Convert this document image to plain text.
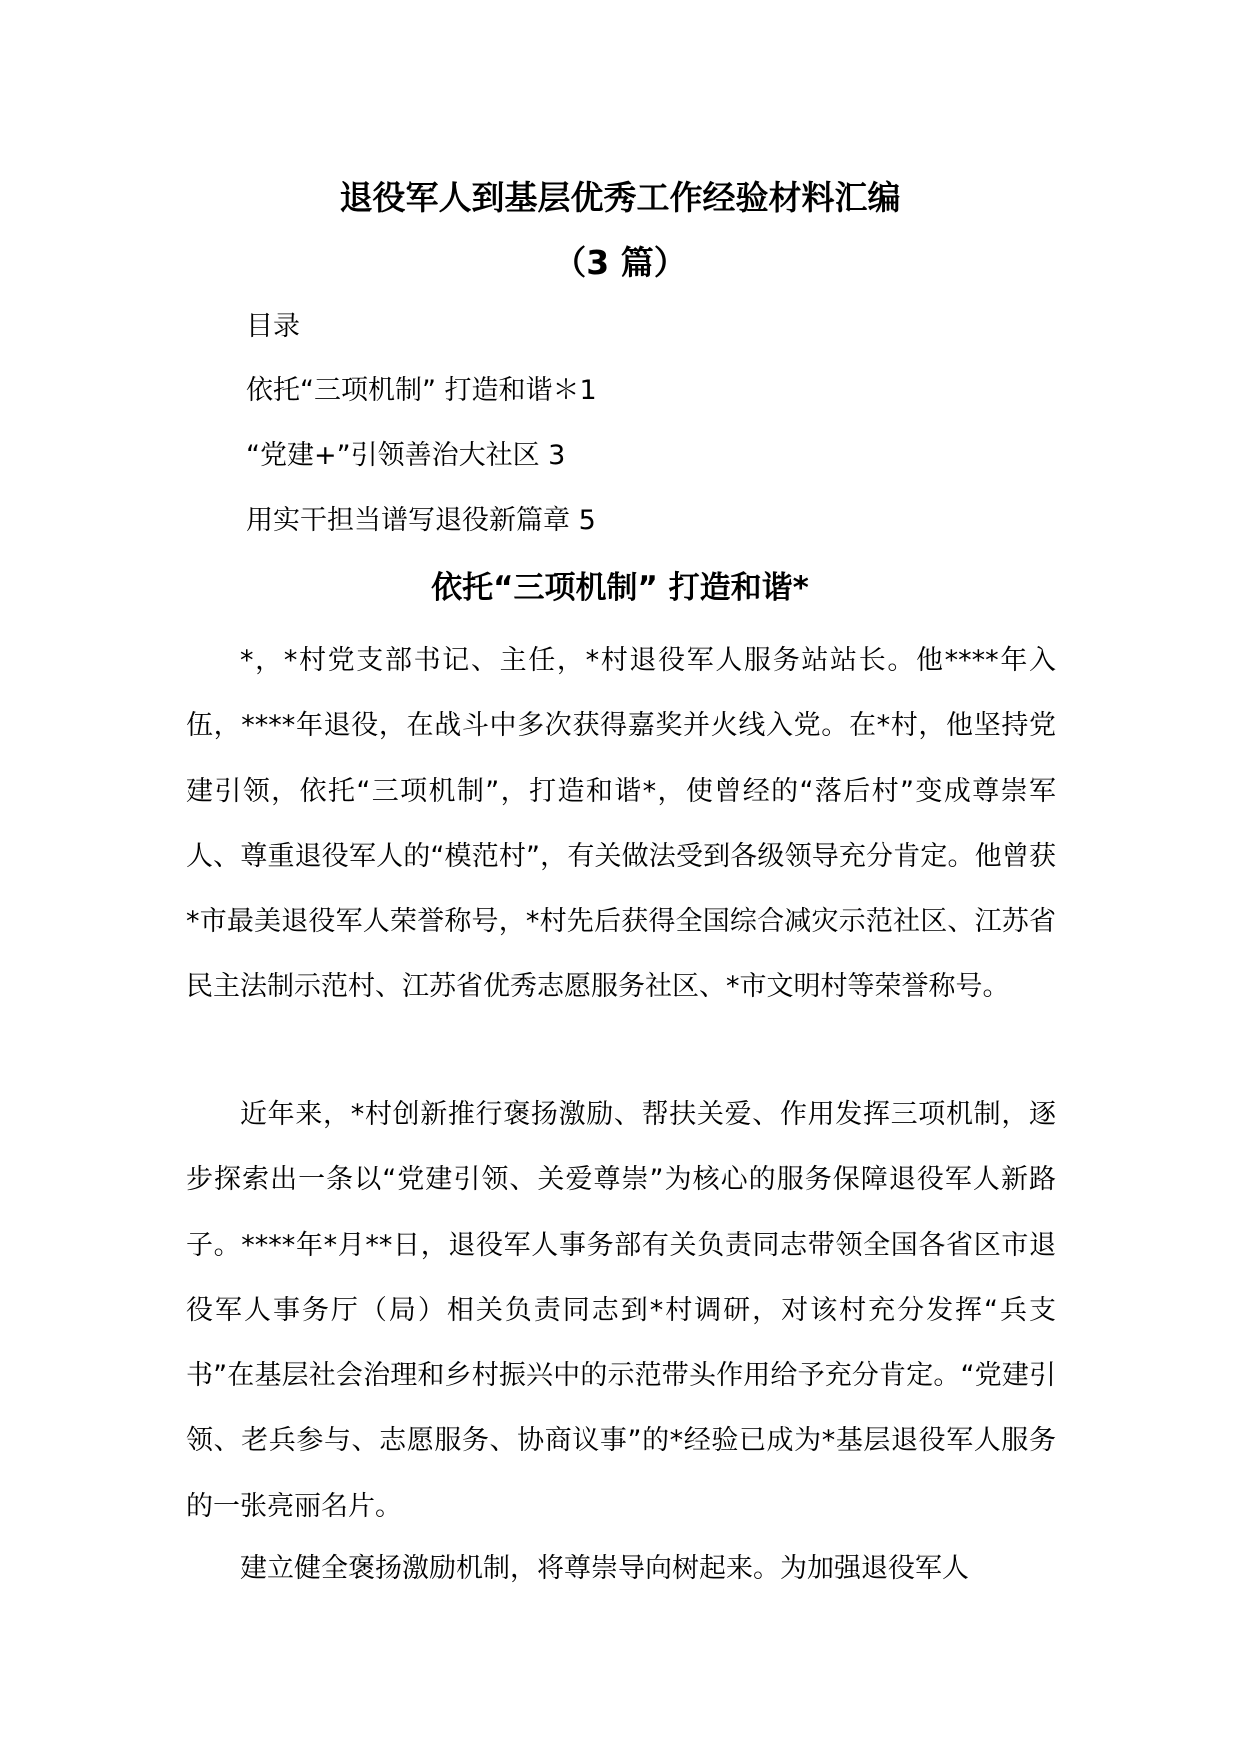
退役军人到基层优秀工作经验材料汇编
（3 篇）

目录

依托“三项机制” 打造和谐＊1

“党建+”引领善治大社区 3

用实干担当谱写退役新篇章 5

依托“三项机制” 打造和谐*

*，*村党支部书记、主任，*村退役军人服务站站长。他****年入伍，****年退役，在战斗中多次获得嘉奖并火线入党。在*村，他坚持党建引领，依托“三项机制”，打造和谐*，使曾经的“落后村”变成尊崇军人、尊重退役军人的“模范村”，有关做法受到各级领导充分肯定。他曾获*市最美退役军人荣誉称号，*村先后获得全国综合减灾示范社区、江苏省民主法制示范村、江苏省优秀志愿服务社区、*市文明村等荣誉称号。

近年来，*村创新推行褒扬激励、帮扶关爱、作用发挥三项机制，逐步探索出一条以“党建引领、关爱尊崇”为核心的服务保障退役军人新路子。****年*月**日，退役军人事务部有关负责同志带领全国各省区市退役军人事务厅（局）相关负责同志到*村调研，对该村充分发挥“兵支书”在基层社会治理和乡村振兴中的示范带头作用给予充分肯定。“党建引领、老兵参与、志愿服务、协商议事”的*经验已成为*基层退役军人服务的一张亮丽名片。

建立健全褒扬激励机制，将尊崇导向树起来。为加强退役军人
